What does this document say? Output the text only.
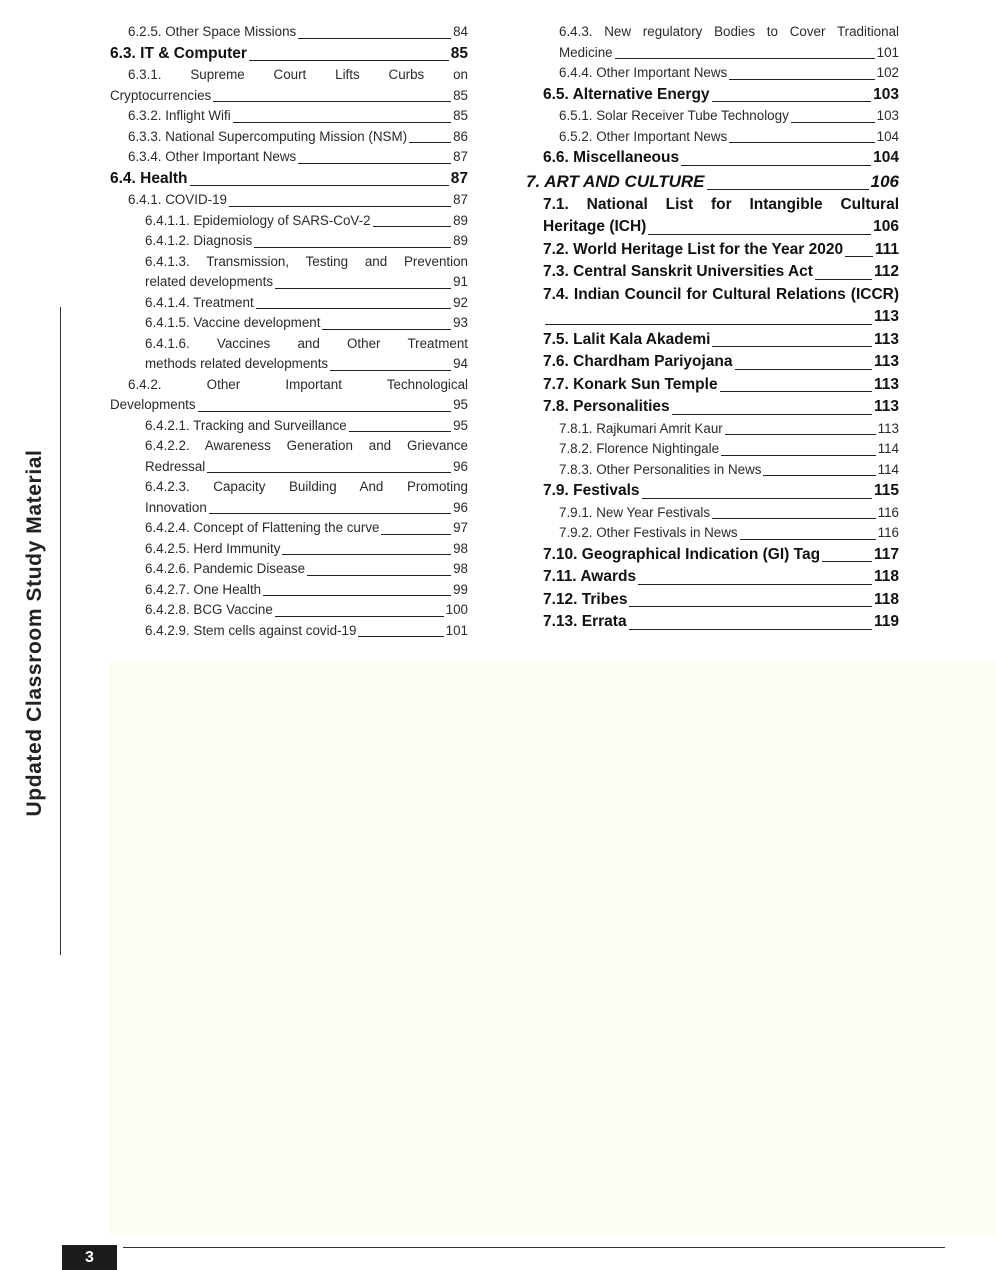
Updated Classroom Study Material
6.2.5. Other Space Missions	84
6.3. IT & Computer	85
6.3.1. Supreme Court Lifts Curbs on
Cryptocurrencies	85
6.3.2. Inflight Wifi	85
6.3.3. National Supercomputing Mission (NSM)	86
6.3.4. Other Important News	87
6.4. Health	87
6.4.1. COVID-19	87
6.4.1.1. Epidemiology of SARS-CoV-2	89
6.4.1.2. Diagnosis	89
6.4.1.3. Transmission, Testing and Prevention
related developments	91
6.4.1.4. Treatment	92
6.4.1.5. Vaccine development	93
6.4.1.6. Vaccines and Other Treatment
methods related developments	94
6.4.2. Other Important Technological
Developments	95
6.4.2.1. Tracking and Surveillance	95
6.4.2.2. Awareness Generation and Grievance
Redressal	96
6.4.2.3. Capacity Building And Promoting
Innovation	96
6.4.2.4. Concept of Flattening the curve	97
6.4.2.5. Herd Immunity	98
6.4.2.6. Pandemic Disease	98
6.4.2.7. One Health	99
6.4.2.8. BCG Vaccine	100
6.4.2.9. Stem cells against covid-19	101
6.4.3. New regulatory Bodies to Cover Traditional
Medicine	101
6.4.4. Other Important News	102
6.5. Alternative Energy	103
6.5.1. Solar Receiver Tube Technology	103
6.5.2. Other Important News	104
6.6. Miscellaneous	104
7. ART AND CULTURE	106
7.1. National List for Intangible Cultural
Heritage (ICH)	106
7.2. World Heritage List for the Year 2020 111
7.3. Central Sanskrit Universities Act	112
7.4. Indian Council for Cultural Relations (ICCR)
113
7.5. Lalit Kala Akademi	113
7.6. Chardham Pariyojana	113
7.7. Konark Sun Temple	113
7.8. Personalities	113
7.8.1. Rajkumari Amrit Kaur	113
7.8.2. Florence Nightingale	114
7.8.3. Other Personalities in News	114
7.9. Festivals	115
7.9.1. New Year Festivals	116
7.9.2. Other Festivals in News	116
7.10. Geographical Indication (GI) Tag	117
7.11. Awards	118
7.12. Tribes	118
7.13. Errata	119
3
